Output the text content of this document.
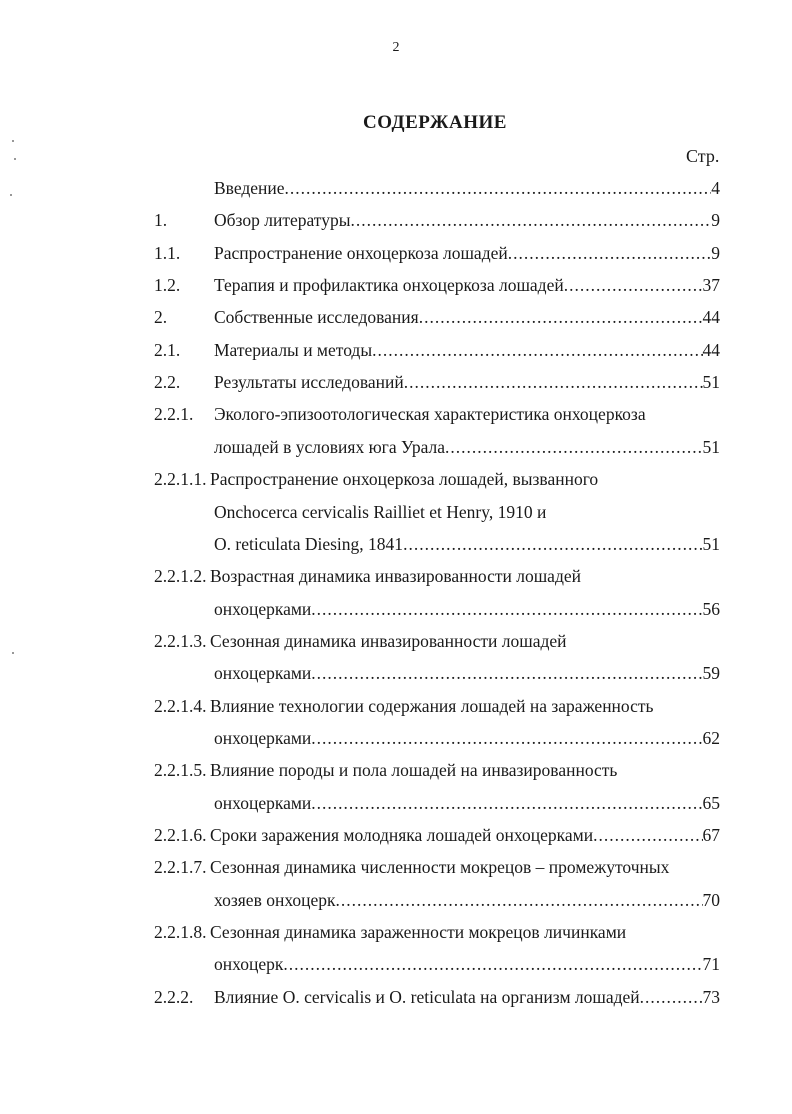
2
СОДЕРЖАНИЕ
Стр.
Введение .....	4
1.	Обзор литературы .....	9
1.1. Распространение онхоцеркоза лошадей .....	9
1.2. Терапия и профилактика онхоцеркоза лошадей .....	37
2.	Собственные исследования .....	44
2.1. Материалы и методы .....	44
2.2. Результаты исследований .....	51
2.2.1. Эколого-эпизоотологическая характеристика онхоцеркоза
лошадей в условиях юга Урала .....	51
2.2.1.1. Распространение онхоцеркоза лошадей, вызванного
Onchocerca cervicalis Railliet et Henry, 1910 и
O. reticulata Diesing, 1841 .....	51
2.2.1.2. Возрастная динамика инвазированности лошадей
онхоцерками .....	56
2.2.1.3. Сезонная динамика инвазированности лошадей
онхоцерками .....	59
2.2.1.4. Влияние технологии содержания лошадей на зараженность
онхоцерками .....	62
2.2.1.5. Влияние породы и пола лошадей на инвазированность
онхоцерками .....	65
2.2.1.6. Сроки заражения молодняка лошадей онхоцерками .....	67
2.2.1.7. Сезонная динамика численности мокрецов – промежуточных
хозяев онхоцерк .....	70
2.2.1.8. Сезонная динамика зараженности мокрецов личинками
онхоцерк .....	71
2.2.2. Влияние O. cervicalis и O. reticulata на организм лошадей .....	73
